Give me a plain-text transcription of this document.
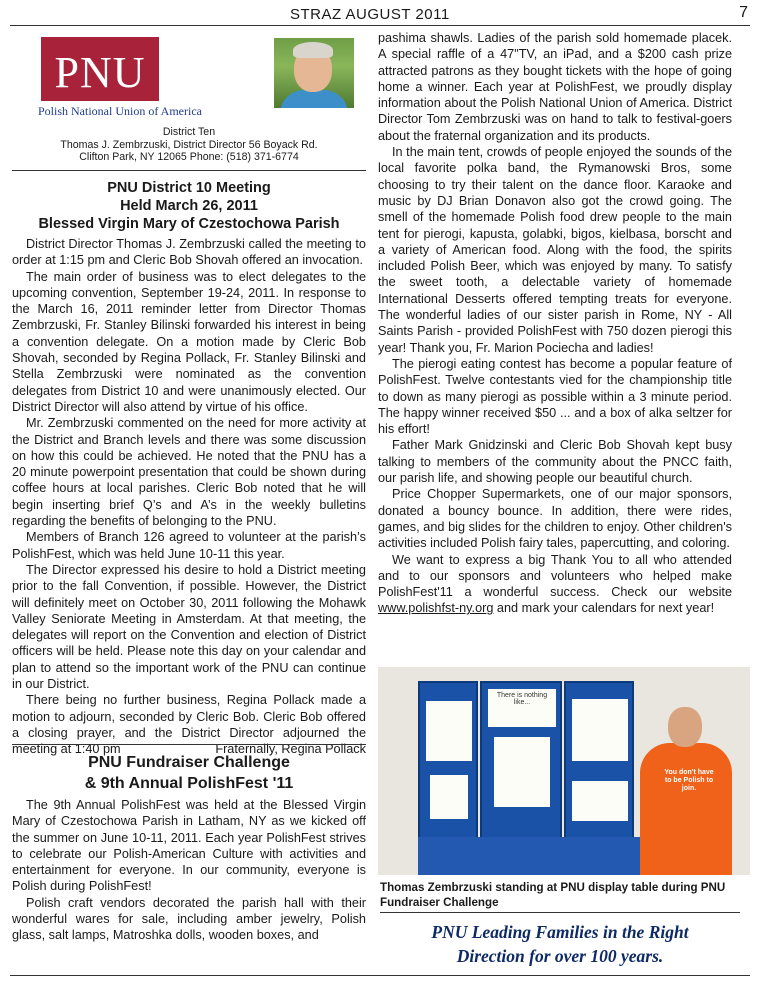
STRAZ AUGUST 2011	7
PNU
Polish National Union of America
District Ten
Thomas J. Zembrzuski, District Director 56 Boyack Rd.
Clifton Park, NY 12065 Phone: (518) 371-6774
PNU District 10 Meeting
Held March 26, 2011
Blessed Virgin Mary of Czestochowa Parish

District Director Thomas J. Zembrzuski called the meeting to order at 1:15 pm and Cleric Bob Shovah offered an invocation.

The main order of business was to elect delegates to the upcoming convention, September 19-24, 2011. In response to the March 16, 2011 reminder letter from Director Thomas Zembrzuski, Fr. Stanley Bilinski forwarded his interest in being a convention delegate. On a motion made by Cleric Bob Shovah, seconded by Regina Pollack, Fr. Stanley Bilinski and Stella Zembrzuski were nominated as the convention delegates from District 10 and were unanimously elected. Our District Director will also attend by virtue of his office.

Mr. Zembrzuski commented on the need for more activity at the District and Branch levels and there was some discussion on how this could be achieved. He noted that the PNU has a 20 minute powerpoint presentation that could be shown during coffee hours at local parishes. Cleric Bob noted that he will begin inserting brief Q’s and A’s in the weekly bulletins regarding the benefits of belonging to the PNU.

Members of Branch 126 agreed to volunteer at the parish’s PolishFest, which was held June 10-11 this year.

The Director expressed his desire to hold a District meeting prior to the fall Convention, if possible. However, the District will definitely meet on October 30, 2011 following the Mohawk Valley Seniorate Meeting in Amsterdam. At that meeting, the delegates will report on the Convention and election of District officers will be held. Please note this day on your calendar and plan to attend so the important work of the PNU can continue in our District.

There being no further business, Regina Pollack made a motion to adjourn, seconded by Cleric Bob. Cleric Bob offered a closing prayer, and the District Director adjourned the meeting at 1:40 pm	Fraternally, Regina Pollack

PNU Fundraiser Challenge
& 9th Annual PolishFest '11

The 9th Annual PolishFest was held at the Blessed Virgin Mary of Czestochowa Parish in Latham, NY as we kicked off the summer on June 10-11, 2011. Each year PolishFest strives to celebrate our Polish-American Culture with activities and entertainment for everyone. In our community, everyone is Polish during PolishFest!

Polish craft vendors decorated the parish hall with their wonderful wares for sale, including amber jewelry, Polish glass, salt lamps, Matroshka dolls, wooden boxes, and

pashima shawls. Ladies of the parish sold homemade placek. A special raffle of a 47"TV, an iPad, and a $200 cash prize attracted patrons as they bought tickets with the hope of going home a winner. Each year at PolishFest, we proudly display information about the Polish National Union of America. District Director Tom Zembrzuski was on hand to talk to festival-goers about the fraternal organization and its products.

In the main tent, crowds of people enjoyed the sounds of the local favorite polka band, the Rymanowski Bros, some choosing to try their talent on the dance floor. Karaoke and music by DJ Brian Donavon also got the crowd going. The smell of the homemade Polish food drew people to the main tent for pierogi, kapusta, golabki, bigos, kielbasa, borscht and a variety of American food. Along with the food, the spirits included Polish Beer, which was enjoyed by many. To satisfy the sweet tooth, a delectable variety of homemade International Desserts offered tempting treats for everyone. The wonderful ladies of our sister parish in Rome, NY - All Saints Parish - provided PolishFest with 750 dozen pierogi this year! Thank you, Fr. Marion Pociecha and ladies!

The pierogi eating contest has become a popular feature of PolishFest. Twelve contestants vied for the championship title to down as many pierogi as possible within a 3 minute period. The happy winner received $50 ... and a box of alka seltzer for his effort!

Father Mark Gnidzinski and Cleric Bob Shovah kept busy talking to members of the community about the PNCC faith, our parish life, and showing people our beautiful church.

Price Chopper Supermarkets, one of our major sponsors, donated a bouncy bounce. In addition, there were rides, games, and big slides for the children to enjoy. Other children's activities included Polish fairy tales, papercutting, and coloring.

We want to express a big Thank You to all who attended and to our sponsors and volunteers who helped make PolishFest'11 a wonderful success. Check our website www.polishfst-ny.org and mark your calendars for next year!

There is nothing like...
You don't have to be Polish to join.
Thomas Zembrzuski standing at PNU display table during PNU Fundraiser Challenge
PNU Leading Families in the Right
Direction for over 100 years.
